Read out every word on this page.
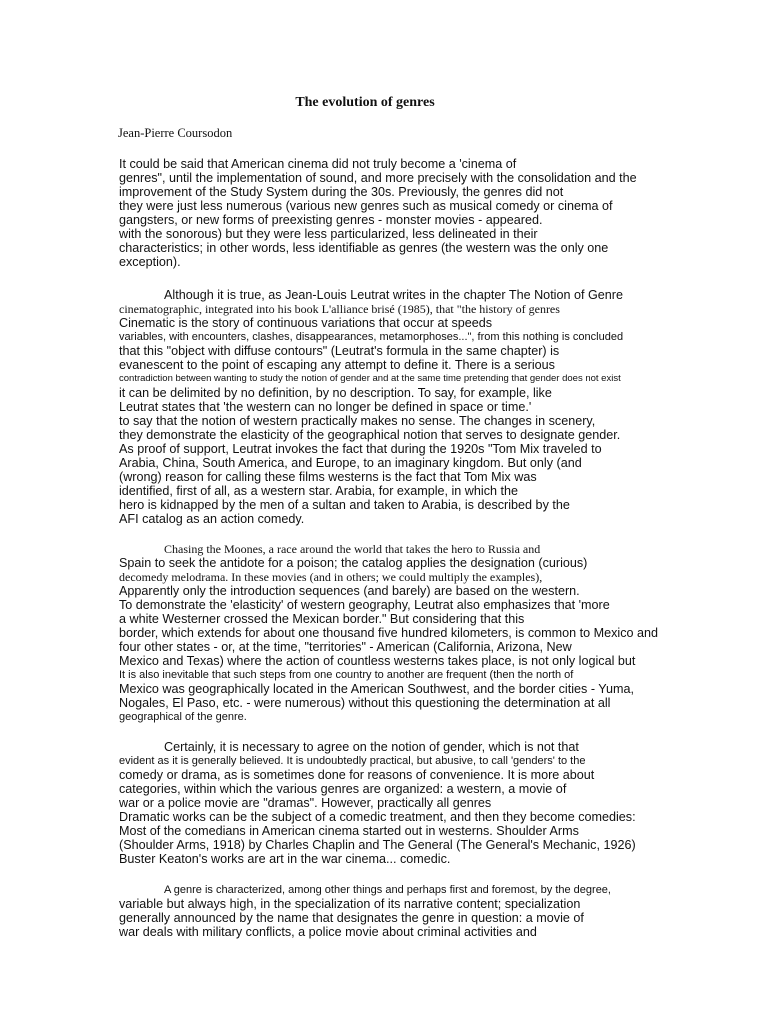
The evolution of genres
Jean-Pierre Coursodon
It could be said that American cinema did not truly become a 'cinema of
genres", until the implementation of sound, and more precisely with the consolidation and the
improvement of the Study System during the 30s. Previously, the genres did not
they were just less numerous (various new genres such as musical comedy or cinema of
gangsters, or new forms of preexisting genres - monster movies - appeared.
with the sonorous) but they were less particularized, less delineated in their
characteristics; in other words, less identifiable as genres (the western was the only one
exception).
Although it is true, as Jean-Louis Leutrat writes in the chapter The Notion of Genre
cinematographic, integrated into his book L'alliance brisé (1985), that "the history of genres
Cinematic is the story of continuous variations that occur at speeds
variables, with encounters, clashes, disappearances, metamorphoses...", from this nothing is concluded
that this "object with diffuse contours" (Leutrat's formula in the same chapter) is
evanescent to the point of escaping any attempt to define it. There is a serious
contradiction between wanting to study the notion of gender and at the same time pretending that gender does not exist
it can be delimited by no definition, by no description. To say, for example, like
Leutrat states that 'the western can no longer be defined in space or time.'
to say that the notion of western practically makes no sense. The changes in scenery,
they demonstrate the elasticity of the geographical notion that serves to designate gender.
As proof of support, Leutrat invokes the fact that during the 1920s "Tom Mix traveled to
Arabia, China, South America, and Europe, to an imaginary kingdom. But only (and
(wrong) reason for calling these films westerns is the fact that Tom Mix was
identified, first of all, as a western star. Arabia, for example, in which the
hero is kidnapped by the men of a sultan and taken to Arabia, is described by the
AFI catalog as an action comedy.
Chasing the Moones, a race around the world that takes the hero to Russia and
Spain to seek the antidote for a poison; the catalog applies the designation (curious)
decomedy melodrama. In these movies (and in others; we could multiply the examples),
Apparently only the introduction sequences (and barely) are based on the western.
To demonstrate the 'elasticity' of western geography, Leutrat also emphasizes that 'more
a white Westerner crossed the Mexican border." But considering that this
border, which extends for about one thousand five hundred kilometers, is common to Mexico and
four other states - or, at the time, "territories" - American (California, Arizona, New
Mexico and Texas) where the action of countless westerns takes place, is not only logical but
It is also inevitable that such steps from one country to another are frequent (then the north of
Mexico was geographically located in the American Southwest, and the border cities - Yuma,
Nogales, El Paso, etc. - were numerous) without this questioning the determination at all
geographical of the genre.
Certainly, it is necessary to agree on the notion of gender, which is not that
evident as it is generally believed. It is undoubtedly practical, but abusive, to call 'genders' to the
comedy or drama, as is sometimes done for reasons of convenience. It is more about
categories, within which the various genres are organized: a western, a movie of
war or a police movie are "dramas". However, practically all genres
Dramatic works can be the subject of a comedic treatment, and then they become comedies:
Most of the comedians in American cinema started out in westerns. Shoulder Arms
(Shoulder Arms, 1918) by Charles Chaplin and The General (The General's Mechanic, 1926)
Buster Keaton's works are art in the war cinema... comedic.
A genre is characterized, among other things and perhaps first and foremost, by the degree,
variable but always high, in the specialization of its narrative content; specialization
generally announced by the name that designates the genre in question: a movie of
war deals with military conflicts, a police movie about criminal activities and
